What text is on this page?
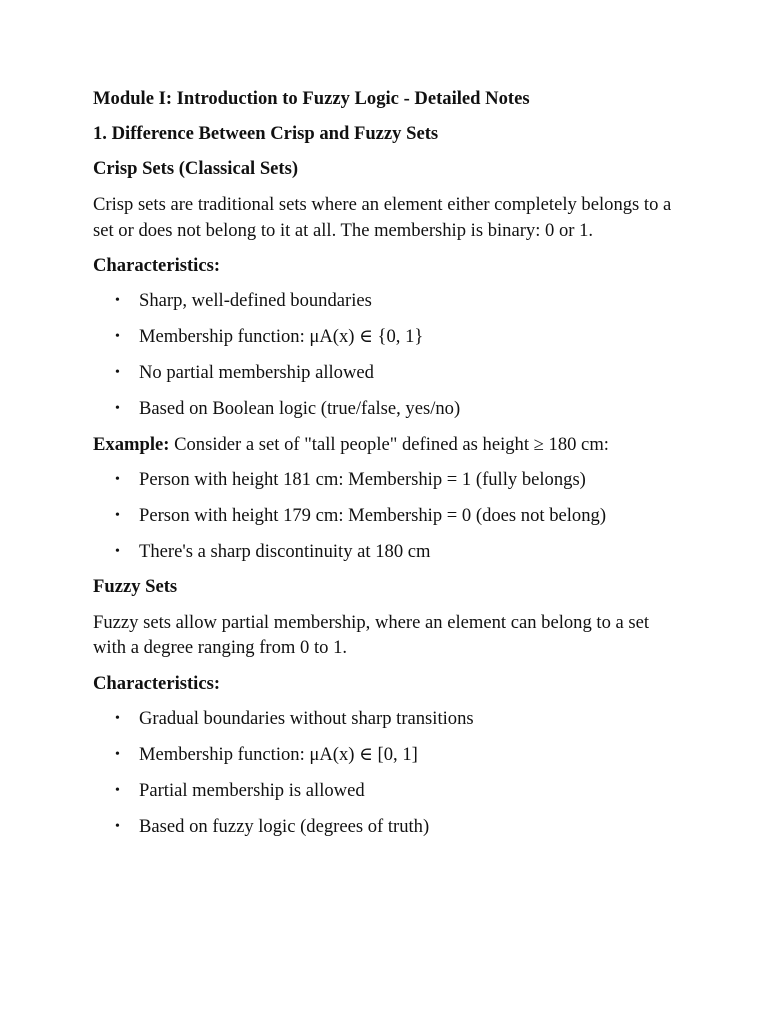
Module I: Introduction to Fuzzy Logic - Detailed Notes

1. Difference Between Crisp and Fuzzy Sets

Crisp Sets (Classical Sets)

Crisp sets are traditional sets where an element either completely belongs to a set or does not belong to it at all. The membership is binary: 0 or 1.

Characteristics:

• Sharp, well-defined boundaries
• Membership function: μA(x) ∈ {0, 1}
• No partial membership allowed
• Based on Boolean logic (true/false, yes/no)

Example: Consider a set of "tall people" defined as height ≥ 180 cm:

• Person with height 181 cm: Membership = 1 (fully belongs)
• Person with height 179 cm: Membership = 0 (does not belong)
• There's a sharp discontinuity at 180 cm

Fuzzy Sets

Fuzzy sets allow partial membership, where an element can belong to a set with a degree ranging from 0 to 1.

Characteristics:

• Gradual boundaries without sharp transitions
• Membership function: μA(x) ∈ [0, 1]
• Partial membership is allowed
• Based on fuzzy logic (degrees of truth)
